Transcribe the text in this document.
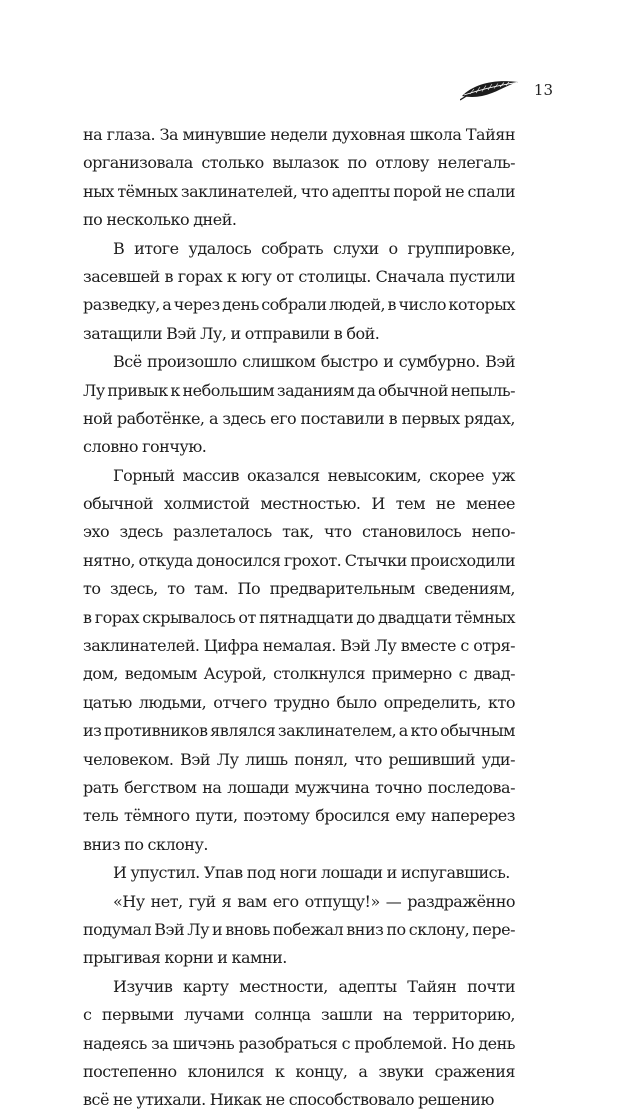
13
на глаза. За минувшие недели духовная школа Тайян
организовала столько вылазок по отлову нелегаль-
ных тёмных заклинателей, что адепты порой не спали
по несколько дней.
В итоге удалось собрать слухи о группировке,
засевшей в горах к югу от столицы. Сначала пустили
разведку, а через день собрали людей, в число которых
затащили Вэй Лу, и отправили в бой.
Всё произошло слишком быстро и сумбурно. Вэй
Лу привык к небольшим заданиям да обычной непыль-
ной работёнке, а здесь его поставили в первых рядах,
словно гончую.
Горный массив оказался невысоким, скорее уж
обычной холмистой местностью. И тем не менее
эхо здесь разлеталось так, что становилось непо-
нятно, откуда доносился грохот. Стычки происходили
то здесь, то там. По предварительным сведениям,
в горах скрывалось от пятнадцати до двадцати тёмных
заклинателей. Цифра немалая. Вэй Лу вместе с отря-
дом, ведомым Асурой, столкнулся примерно с двад-
цатью людьми, отчего трудно было определить, кто
из противников являлся заклинателем, а кто обычным
человеком. Вэй Лу лишь понял, что решивший уди-
рать бегством на лошади мужчина точно последова-
тель тёмного пути, поэтому бросился ему наперерез
вниз по склону.
И упустил. Упав под ноги лошади и испугавшись.
«Ну нет, гуй я вам его отпущу!» — раздражённо
подумал Вэй Лу и вновь побежал вниз по склону, пере-
прыгивая корни и камни.
Изучив карту местности, адепты Тайян почти
с первыми лучами солнца зашли на территорию,
надеясь за шичэнь разобраться с проблемой. Но день
постепенно клонился к концу, а звуки сражения
всё не утихали. Никак не способствовало решению
